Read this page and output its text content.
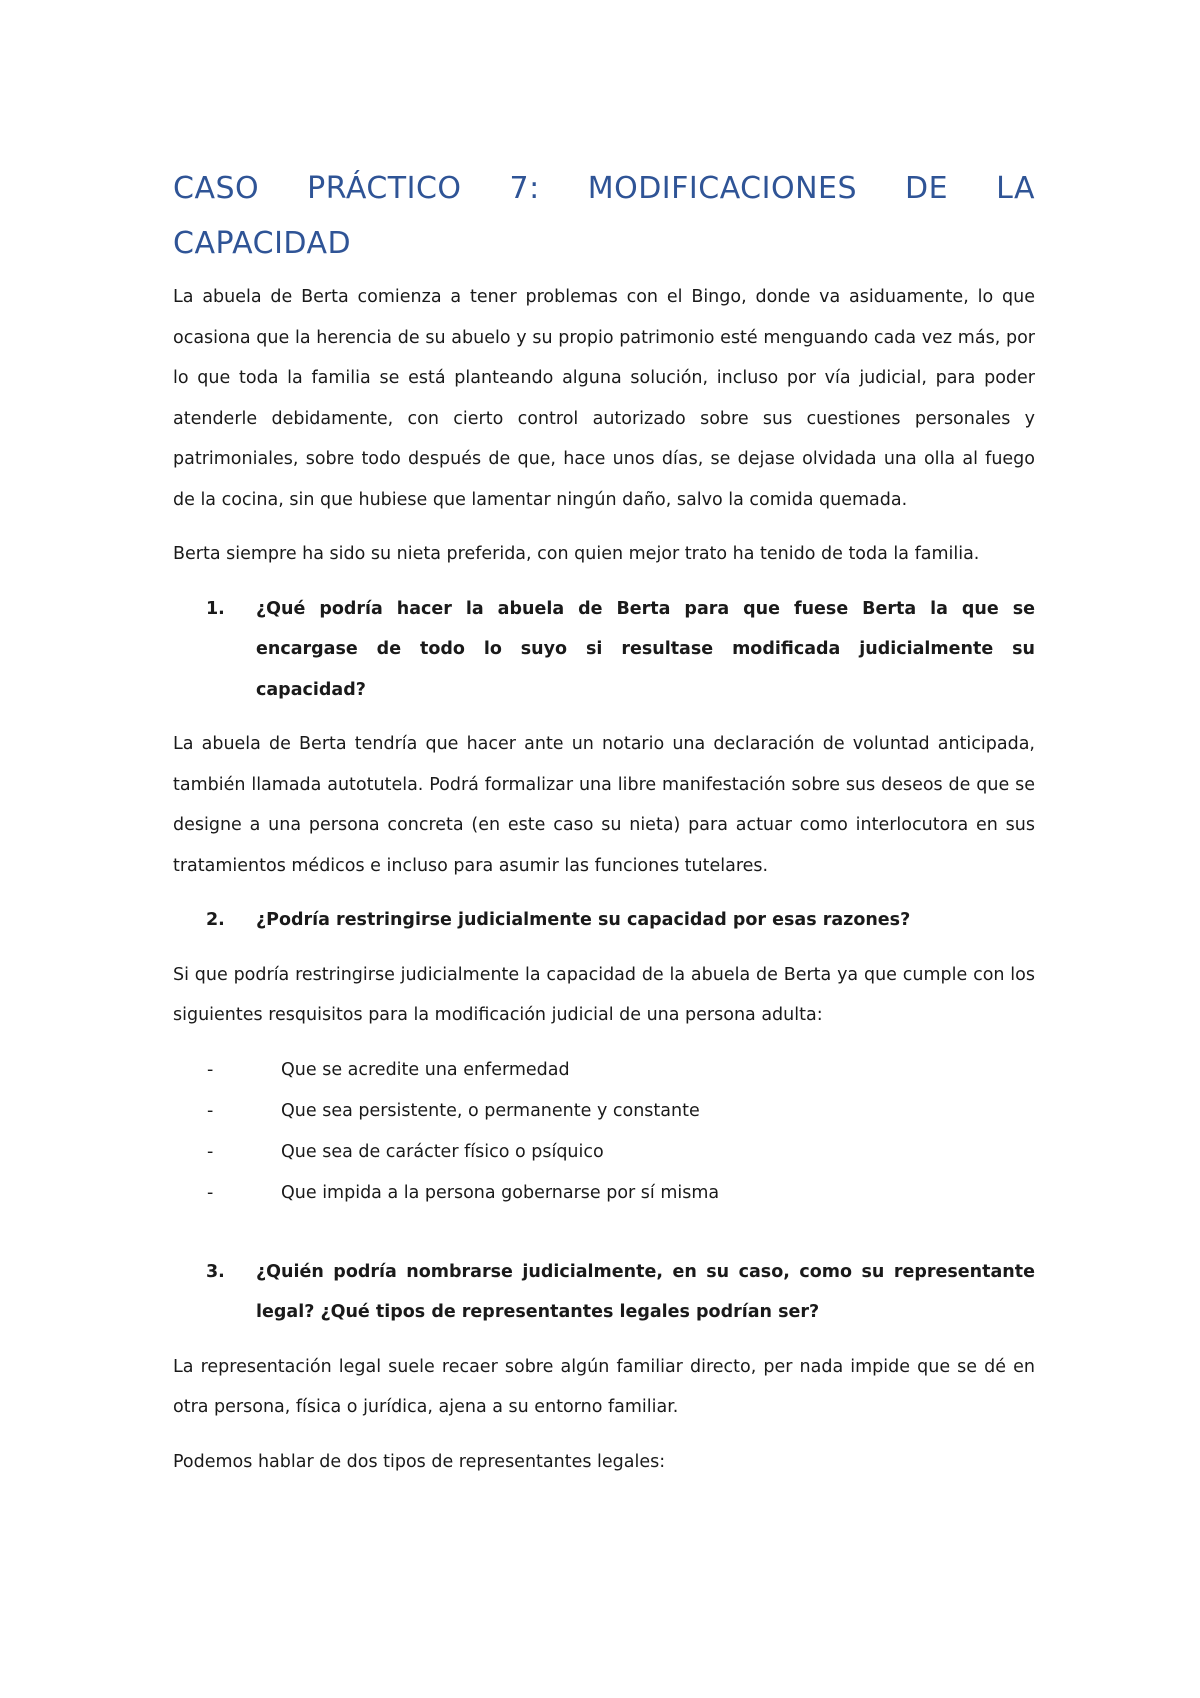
CASO PRÁCTICO 7: MODIFICACIONES DE LA
CAPACIDAD

La abuela de Berta comienza a tener problemas con el Bingo, donde va asiduamente, lo que ocasiona que la herencia de su abuelo y su propio patrimonio esté menguando cada vez más, por lo que toda la familia se está planteando alguna solución, incluso por vía judicial, para poder atenderle debidamente, con cierto control autorizado sobre sus cuestiones personales y patrimoniales, sobre todo después de que, hace unos días, se dejase olvidada una olla al fuego de la cocina, sin que hubiese que lamentar ningún daño, salvo la comida quemada.

Berta siempre ha sido su nieta preferida, con quien mejor trato ha tenido de toda la familia.

1.	¿Qué podría hacer la abuela de Berta para que fuese Berta la que se encargase de todo lo suyo si resultase modificada judicialmente su capacidad?

La abuela de Berta tendría que hacer ante un notario una declaración de voluntad anticipada, también llamada autotutela. Podrá formalizar una libre manifestación sobre sus deseos de que se designe a una persona concreta (en este caso su nieta) para actuar como interlocutora en sus tratamientos médicos e incluso para asumir las funciones tutelares.

2.	¿Podría restringirse judicialmente su capacidad por esas razones?

Si que podría restringirse judicialmente la capacidad de la abuela de Berta ya que cumple con los siguientes resquisitos para la modificación judicial de una persona adulta:

-	Que se acredite una enfermedad
-	Que sea persistente, o permanente y constante
-	Que sea de carácter físico o psíquico
-	Que impida a la persona gobernarse por sí misma
3.	¿Quién podría nombrarse judicialmente, en su caso, como su representante legal? ¿Qué tipos de representantes legales podrían ser?

La representación legal suele recaer sobre algún familiar directo, per nada impide que se dé en otra persona, física o jurídica, ajena a su entorno familiar.

Podemos hablar de dos tipos de representantes legales:
